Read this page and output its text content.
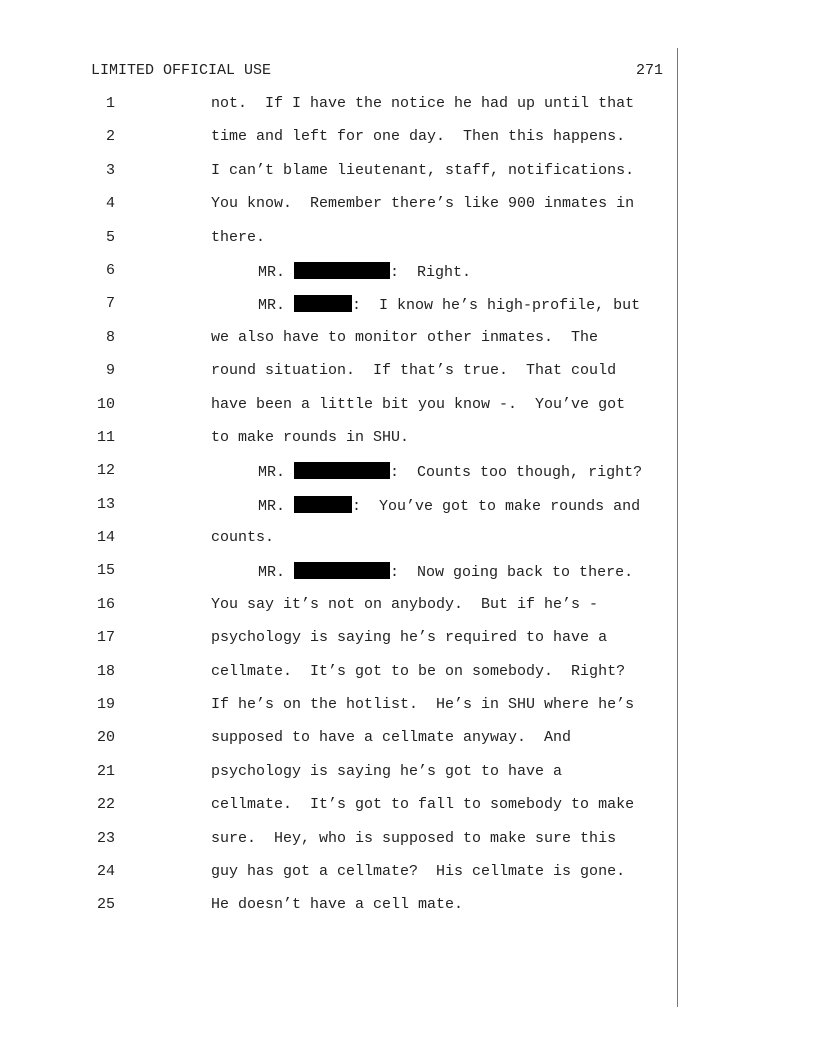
LIMITED OFFICIAL USE	271
1	not.  If I have the notice he had up until that
2	time and left for one day.  Then this happens.
3	I can’t blame lieutenant, staff, notifications.
4	You know.  Remember there’s like 900 inmates in
5	there.
6	MR.	:  Right.
7	MR.	:  I know he’s high-profile, but
8	we also have to monitor other inmates.  The
9	round situation.  If that’s true.  That could
10	have been a little bit you know -.  You’ve got
11	to make rounds in SHU.
12	MR.	:  Counts too though, right?
13	MR.	:  You’ve got to make rounds and
14	counts.
15	MR.	:  Now going back to there.
16	You say it’s not on anybody.  But if he’s -
17	psychology is saying he’s required to have a
18	cellmate.  It’s got to be on somebody.  Right?
19	If he’s on the hotlist.  He’s in SHU where he’s
20	supposed to have a cellmate anyway.  And
21	psychology is saying he’s got to have a
22	cellmate.  It’s got to fall to somebody to make
23	sure.  Hey, who is supposed to make sure this
24	guy has got a cellmate?  His cellmate is gone.
25	He doesn’t have a cell mate.
